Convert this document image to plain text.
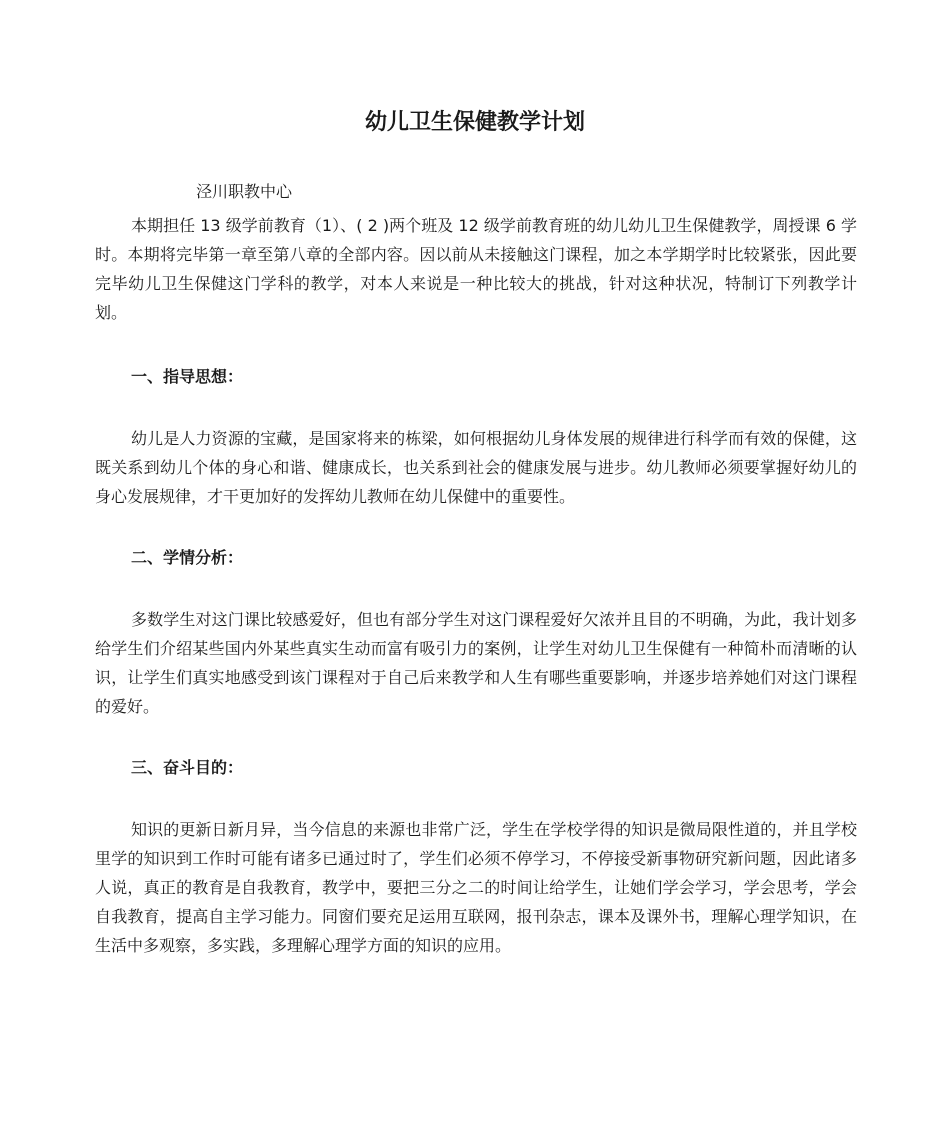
幼儿卫生保健教学计划
泾川职教中心

本期担任 13 级学前教育（1）、( 2 )两个班及 12 级学前教育班的幼儿幼儿卫生保健教学，周授课 6 学时。本期将完毕第一章至第八章的全部内容。因以前从未接触这门课程，加之本学期学时比较紧张，因此要完毕幼儿卫生保健这门学科的教学，对本人来说是一种比较大的挑战，针对这种状况，特制订下列教学计划。

一、指导思想：

幼儿是人力资源的宝藏，是国家将来的栋梁，如何根据幼儿身体发展的规律进行科学而有效的保健，这既关系到幼儿个体的身心和谐、健康成长，也关系到社会的健康发展与进步。幼儿教师必须要掌握好幼儿的身心发展规律，才干更加好的发挥幼儿教师在幼儿保健中的重要性。

二、学情分析：

多数学生对这门课比较感爱好，但也有部分学生对这门课程爱好欠浓并且目的不明确，为此，我计划多给学生们介绍某些国内外某些真实生动而富有吸引力的案例，让学生对幼儿卫生保健有一种简朴而清晰的认识，让学生们真实地感受到该门课程对于自己后来教学和人生有哪些重要影响，并逐步培养她们对这门课程的爱好。

三、奋斗目的：

知识的更新日新月异，当今信息的来源也非常广泛，学生在学校学得的知识是微局限性道的，并且学校里学的知识到工作时可能有诸多已通过时了，学生们必须不停学习，不停接受新事物研究新问题，因此诸多人说，真正的教育是自我教育，教学中，要把三分之二的时间让给学生，让她们学会学习，学会思考，学会自我教育，提高自主学习能力。同窗们要充足运用互联网，报刊杂志，课本及课外书，理解心理学知识，在生活中多观察，多实践，多理解心理学方面的知识的应用。
